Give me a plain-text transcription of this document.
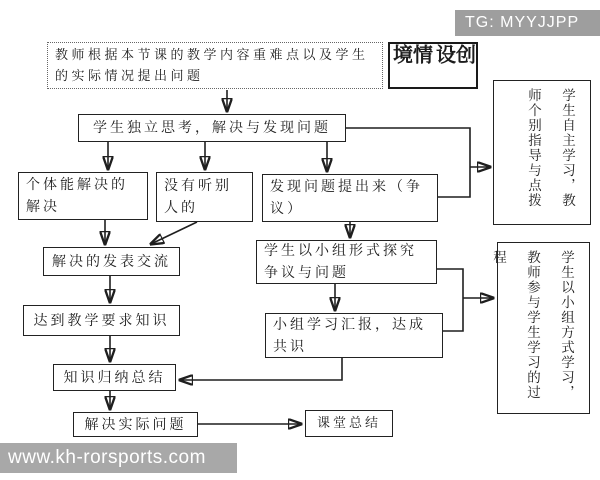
TG: MYYJJPP
教师根据本节课的教学内容重难点以及学生的实际情况提出问题
创设
情境
学生独立思考，解决与发现问题
个体能解决的解决
没有听别人的
发现问题提出来（争议）
学生自主学习，教师个别指导与点拨
学生以小组形式探究争议与问题
解决的发表交流
达到教学要求知识	学生以小组方式学习，教师参与学生学习的过程
小组学习汇报，达成共识
知识归纳总结
解决实际问题	课堂总结
www.kh-rorsports.com
